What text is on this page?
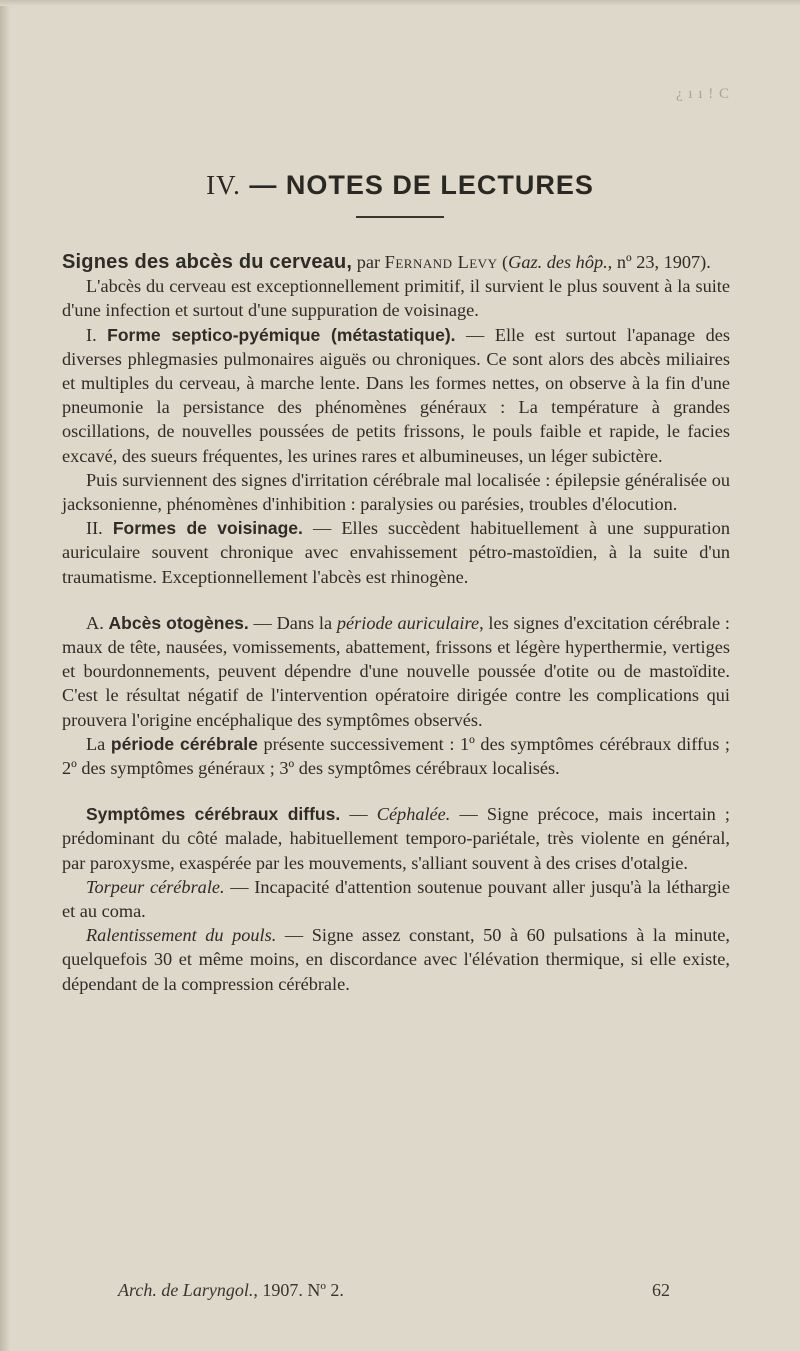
¿ ı ı ! C
IV. — NOTES DE LECTURES

Signes des abcès du cerveau, par Fernand Levy (Gaz. des hôp., nº 23, 1907).

L'abcès du cerveau est exceptionnellement primitif, il survient le plus souvent à la suite d'une infection et surtout d'une suppuration de voisinage.

I. Forme septico-pyémique (métastatique). — Elle est surtout l'apanage des diverses phlegmasies pulmonaires aiguës ou chroniques. Ce sont alors des abcès miliaires et multiples du cerveau, à marche lente. Dans les formes nettes, on observe à la fin d'une pneumonie la persistance des phénomènes généraux : La température à grandes oscillations, de nouvelles poussées de petits frissons, le pouls faible et rapide, le facies excavé, des sueurs fréquentes, les urines rares et albumineuses, un léger subictère.

Puis surviennent des signes d'irritation cérébrale mal localisée : épilepsie généralisée ou jacksonienne, phénomènes d'inhibition : paralysies ou parésies, troubles d'élocution.

II. Formes de voisinage. — Elles succèdent habituellement à une suppuration auriculaire souvent chronique avec envahissement pétro-mastoïdien, à la suite d'un traumatisme. Exceptionnellement l'abcès est rhinogène.

A. Abcès otogènes. — Dans la période auriculaire, les signes d'excitation cérébrale : maux de tête, nausées, vomissements, abattement, frissons et légère hyperthermie, vertiges et bourdonnements, peuvent dépendre d'une nouvelle poussée d'otite ou de mastoïdite. C'est le résultat négatif de l'intervention opératoire dirigée contre les complications qui prouvera l'origine encéphalique des symptômes observés.

La période cérébrale présente successivement : 1º des symptômes cérébraux diffus ; 2º des symptômes généraux ; 3º des symptômes cérébraux localisés.

Symptômes cérébraux diffus. — Céphalée. — Signe précoce, mais incertain ; prédominant du côté malade, habituellement temporo-pariétale, très violente en général, par paroxysme, exaspérée par les mouvements, s'alliant souvent à des crises d'otalgie.

Torpeur cérébrale. — Incapacité d'attention soutenue pouvant aller jusqu'à la léthargie et au coma.

Ralentissement du pouls. — Signe assez constant, 50 à 60 pulsations à la minute, quelquefois 30 et même moins, en discordance avec l'élévation thermique, si elle existe, dépendant de la compression cérébrale.

Arch. de Laryngol., 1907. Nº 2.	62
